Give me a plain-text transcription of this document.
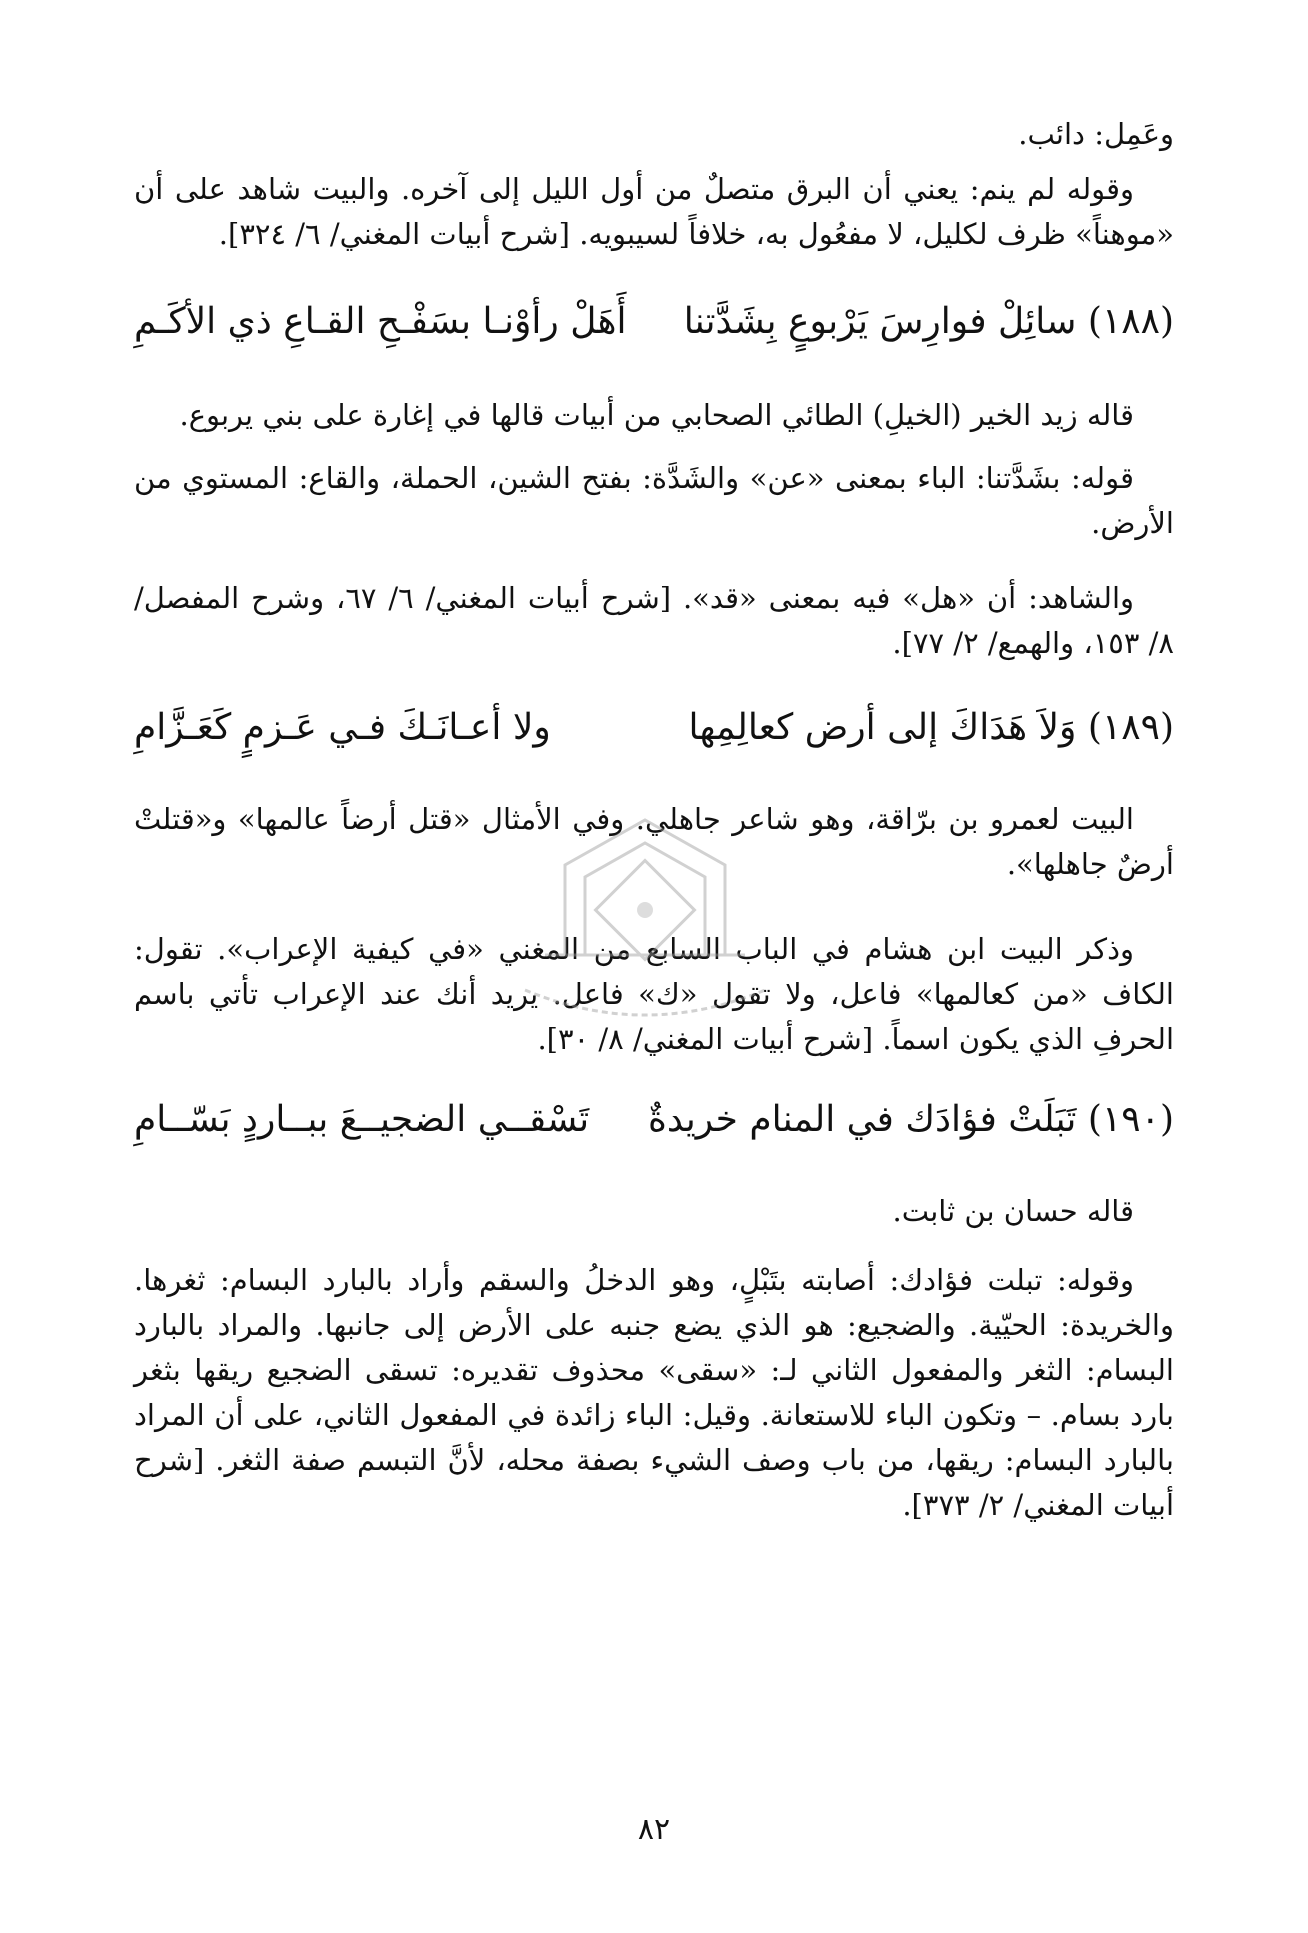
وعَمِل: دائب.

وقوله لم ينم: يعني أن البرق متصلٌ من أول الليل إلى آخره. والبيت شاهد على أن «موهناً» ظرف لكليل، لا مفعُول به، خلافاً لسيبويه. [شرح أبيات المغني/ ٦/ ٣٢٤].

(١٨٨) سائِلْ فوارِسَ يَرْبوعٍ بِشَدَّتنا
أَهَلْ رأوْنـا بسَفْـحِ القـاعِ ذي الأكَـمِ

قاله زيد الخير (الخيلِ) الطائي الصحابي من أبيات قالها في إغارة على بني يربوع.

قوله: بشَدَّتنا: الباء بمعنى «عن» والشَدَّة: بفتح الشين، الحملة، والقاع: المستوي من الأرض.

والشاهد: أن «هل» فيه بمعنى «قد». [شرح أبيات المغني/ ٦/ ٦٧، وشرح المفصل/ ٨/ ١٥٣، والهمع/ ٢/ ٧٧].

(١٨٩) وَلاَ هَدَاكَ إلى أرض كعالِمِها
ولا أعـانَـكَ فـي عَـزمٍ كَعَـزَّامِ

البيت لعمرو بن برّاقة، وهو شاعر جاهلي. وفي الأمثال «قتل أرضاً عالمها» و«قتلتْ أرضٌ جاهلها».

وذكر البيت ابن هشام في الباب السابع من المغني «في كيفية الإعراب». تقول: الكاف «من كعالمها» فاعل، ولا تقول «ك» فاعل. يريد أنك عند الإعراب تأتي باسم الحرفِ الذي يكون اسماً. [شرح أبيات المغني/ ٨/ ٣٠].

(١٩٠) تَبَلَتْ فؤادَك في المنام خريدةٌ
تَسْقــي الضجيــعَ ببــاردٍ بَسّــامِ

قاله حسان بن ثابت.

وقوله: تبلت فؤادك: أصابته بتَبْلٍ، وهو الدخلُ والسقم وأراد بالبارد البسام: ثغرها. والخريدة: الحيّية. والضجيع: هو الذي يضع جنبه على الأرض إلى جانبها. والمراد بالبارد البسام: الثغر والمفعول الثاني لـ: «سقى» محذوف تقديره: تسقى الضجيع ريقها بثغر بارد بسام. – وتكون الباء للاستعانة. وقيل: الباء زائدة في المفعول الثاني، على أن المراد بالبارد البسام: ريقها، من باب وصف الشيء بصفة محله، لأنَّ التبسم صفة الثغر. [شرح أبيات المغني/ ٢/ ٣٧٣].

٨٢
